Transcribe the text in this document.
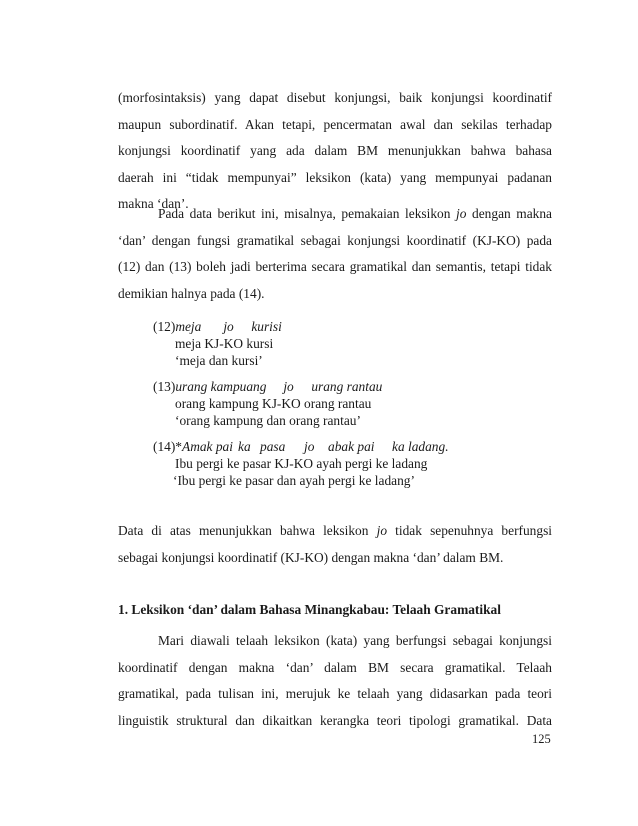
(morfosintaksis) yang dapat disebut konjungsi, baik konjungsi koordinatif
maupun subordinatif. Akan tetapi, pencermatan awal dan sekilas terhadap
konjungsi koordinatif yang ada dalam BM menunjukkan bahwa bahasa
daerah ini “tidak mempunyai” leksikon (kata) yang mempunyai padanan
makna ‘dan’.
Pada data berikut ini, misalnya, pemakaian leksikon jo dengan makna
‘dan’ dengan fungsi gramatikal sebagai konjungsi koordinatif (KJ-KO) pada
(12) dan (13) boleh jadi berterima secara gramatikal dan semantis, tetapi tidak
demikian halnya pada (14).
(12)meja jo kurisi
meja KJ-KO kursi
‘meja dan kursi’
(13)urang kampuang jo urang rantau
orang kampung KJ-KO orang rantau
‘orang kampung dan orang rantau’
(14)*Amak pai ka pasa jo abak pai ka ladang.
Ibu pergi ke pasar KJ-KO ayah pergi ke ladang
‘Ibu pergi ke pasar dan ayah pergi ke ladang’
Data di atas menunjukkan bahwa leksikon jo tidak sepenuhnya berfungsi
sebagai konjungsi koordinatif (KJ-KO) dengan makna ‘dan’ dalam BM.
1. Leksikon ‘dan’ dalam Bahasa Minangkabau: Telaah Gramatikal
Mari diawali telaah leksikon (kata) yang berfungsi sebagai konjungsi
koordinatif dengan makna ‘dan’ dalam BM secara gramatikal. Telaah
gramatikal, pada tulisan ini, merujuk ke telaah yang didasarkan pada teori
linguistik struktural dan dikaitkan kerangka teori tipologi gramatikal. Data
125
